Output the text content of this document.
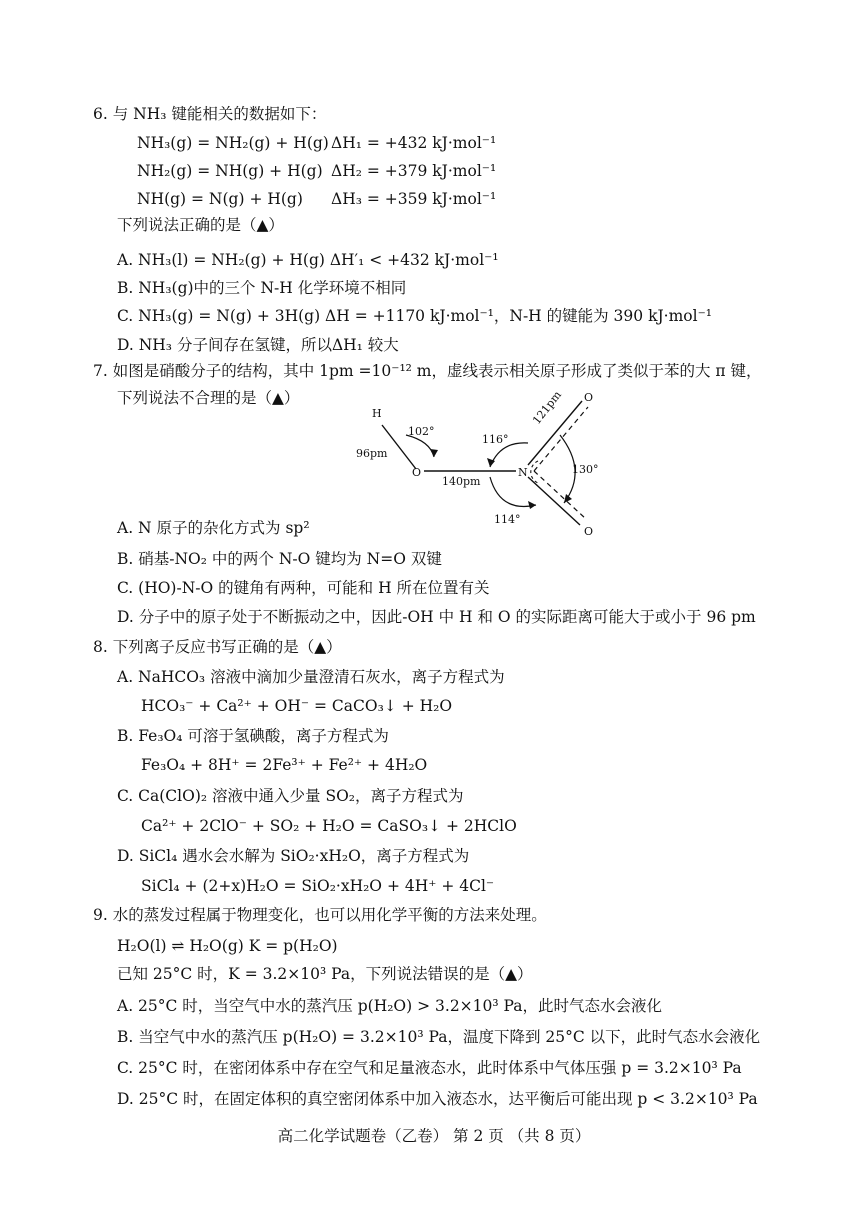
6. 与 NH₃ 键能相关的数据如下：
NH₃(g) = NH₂(g) + H(g) ΔH₁ = +432 kJ·mol⁻¹
NH₂(g) = NH(g) + H(g) ΔH₂ = +379 kJ·mol⁻¹
NH(g) = N(g) + H(g) ΔH₃ = +359 kJ·mol⁻¹
下列说法正确的是（▲）
A. NH₃(l) = NH₂(g) + H(g) ΔH′₁ < +432 kJ·mol⁻¹
B. NH₃(g)中的三个 N-H 化学环境不相同
C. NH₃(g) = N(g) + 3H(g) ΔH = +1170 kJ·mol⁻¹，N-H 的键能为 390 kJ·mol⁻¹
D. NH₃ 分子间存在氢键，所以ΔH₁ 较大
7. 如图是硝酸分子的结构，其中 1pm =10⁻¹² m，虚线表示相关原子形成了类似于苯的大 π 键，
下列说法不合理的是（▲）
H
O	N
O
O
102°
96pm
140pm
121pm
116°
130°
114°
A. N 原子的杂化方式为 sp²
B. 硝基-NO₂ 中的两个 N-O 键均为 N=O 双键
C. (HO)-N-O 的键角有两种，可能和 H 所在位置有关
D. 分子中的原子处于不断振动之中，因此-OH 中 H 和 O 的实际距离可能大于或小于 96 pm
8. 下列离子反应书写正确的是（▲）
A. NaHCO₃ 溶液中滴加少量澄清石灰水，离子方程式为
HCO₃⁻ + Ca²⁺ + OH⁻ = CaCO₃↓ + H₂O
B. Fe₃O₄ 可溶于氢碘酸，离子方程式为
Fe₃O₄ + 8H⁺ = 2Fe³⁺ + Fe²⁺ + 4H₂O
C. Ca(ClO)₂ 溶液中通入少量 SO₂，离子方程式为
Ca²⁺ + 2ClO⁻ + SO₂ + H₂O = CaSO₃↓ + 2HClO
D. SiCl₄ 遇水会水解为 SiO₂·xH₂O，离子方程式为
SiCl₄ + (2+x)H₂O = SiO₂·xH₂O + 4H⁺ + 4Cl⁻
9. 水的蒸发过程属于物理变化，也可以用化学平衡的方法来处理。
H₂O(l) ⇌ H₂O(g) K = p(H₂O)
已知 25°C 时，K = 3.2×10³ Pa，下列说法错误的是（▲）
A. 25°C 时，当空气中水的蒸汽压 p(H₂O) > 3.2×10³ Pa，此时气态水会液化
B. 当空气中水的蒸汽压 p(H₂O) = 3.2×10³ Pa，温度下降到 25°C 以下，此时气态水会液化
C. 25°C 时，在密闭体系中存在空气和足量液态水，此时体系中气体压强 p = 3.2×10³ Pa
D. 25°C 时，在固定体积的真空密闭体系中加入液态水，达平衡后可能出现 p < 3.2×10³ Pa
高二化学试题卷（乙卷） 第 2 页 （共 8 页）
